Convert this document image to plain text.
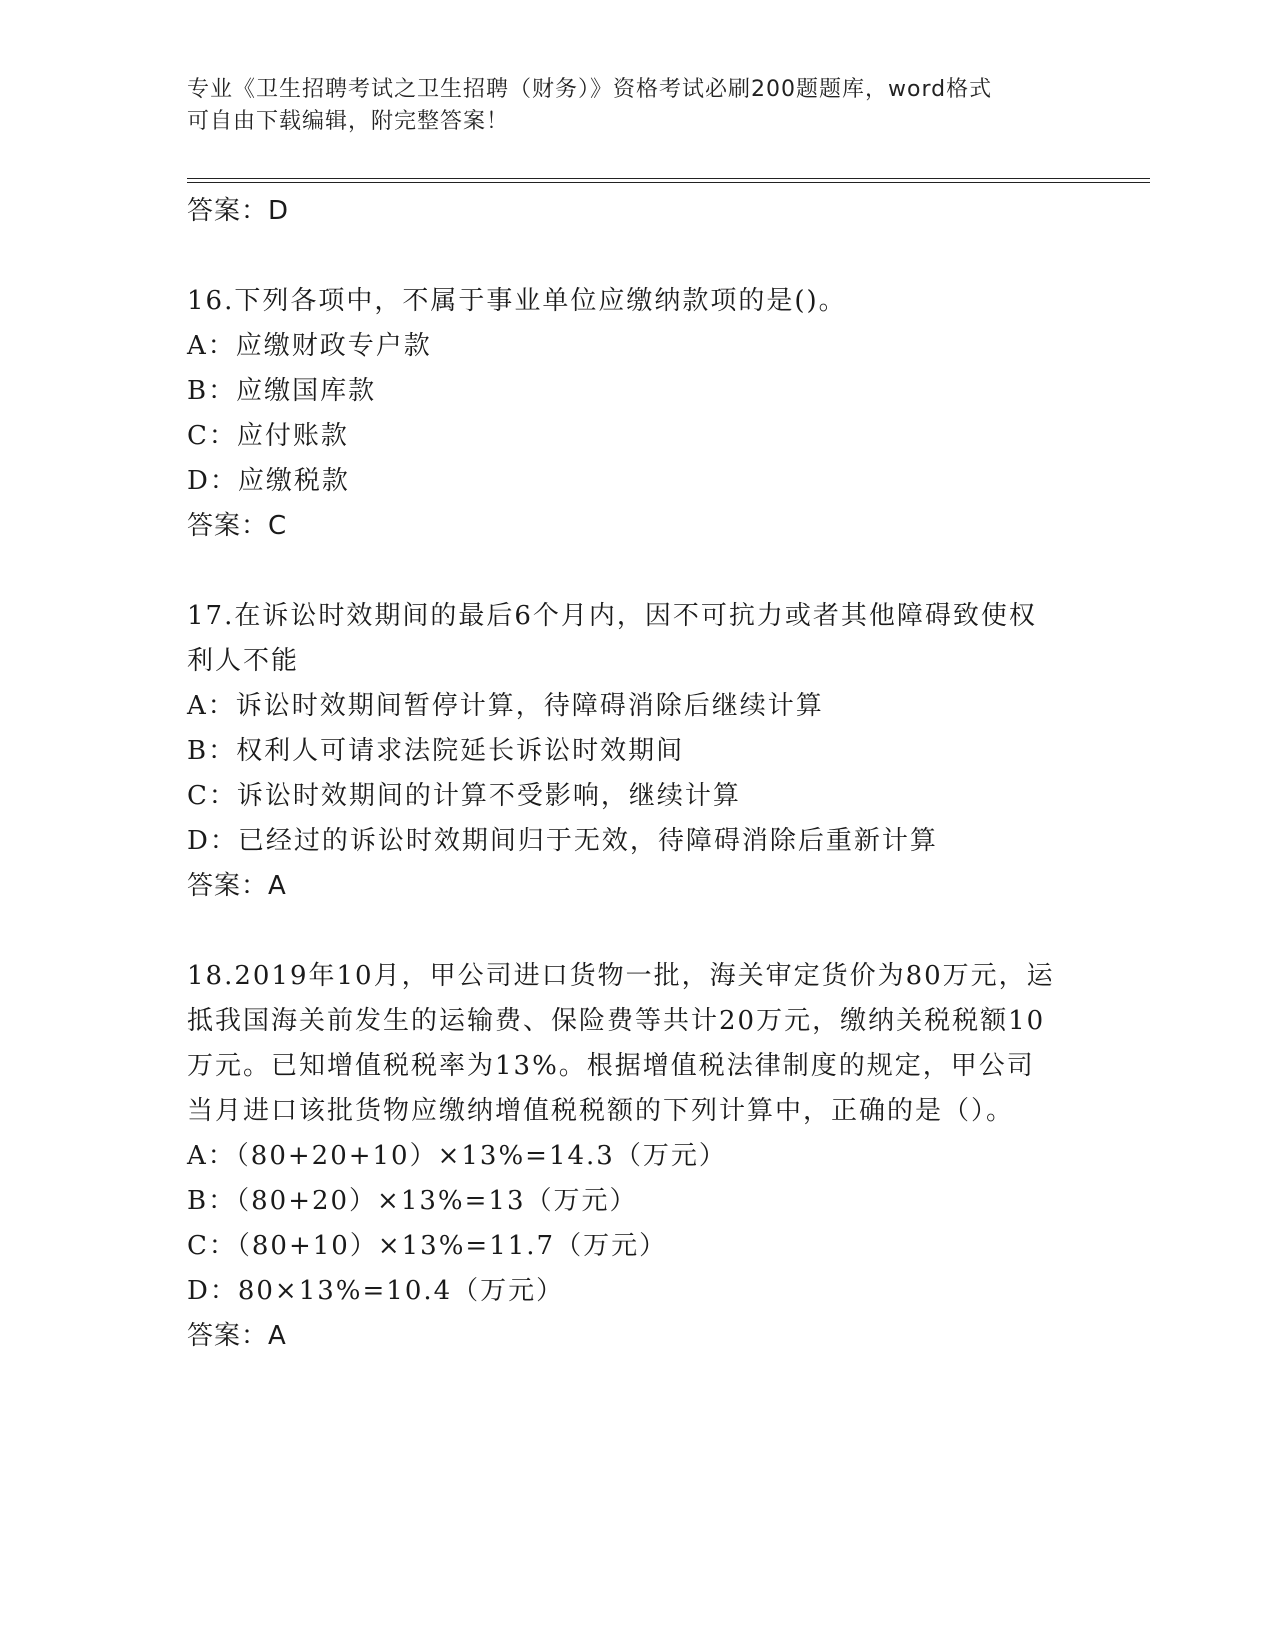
专业《卫生招聘考试之卫生招聘（财务）》资格考试必刷200题题库，word格式
可自由下载编辑，附完整答案！
答案：D
16.下列各项中，不属于事业单位应缴纳款项的是()。
A：应缴财政专户款
B：应缴国库款
C：应付账款
D：应缴税款
答案：C
17.在诉讼时效期间的最后6个月内，因不可抗力或者其他障碍致使权
利人不能
A：诉讼时效期间暂停计算，待障碍消除后继续计算
B：权利人可请求法院延长诉讼时效期间
C：诉讼时效期间的计算不受影响，继续计算
D：已经过的诉讼时效期间归于无效，待障碍消除后重新计算
答案：A
18.2019年10月，甲公司进口货物一批，海关审定货价为80万元，运
抵我国海关前发生的运输费、保险费等共计20万元，缴纳关税税额10
万元。已知增值税税率为13%。根据增值税法律制度的规定，甲公司
当月进口该批货物应缴纳增值税税额的下列计算中，正确的是（）。
A：（80+20+10）×13%=14.3（万元）
B：（80+20）×13%=13（万元）
C：（80+10）×13%=11.7（万元）
D：80×13%=10.4（万元）
答案：A
